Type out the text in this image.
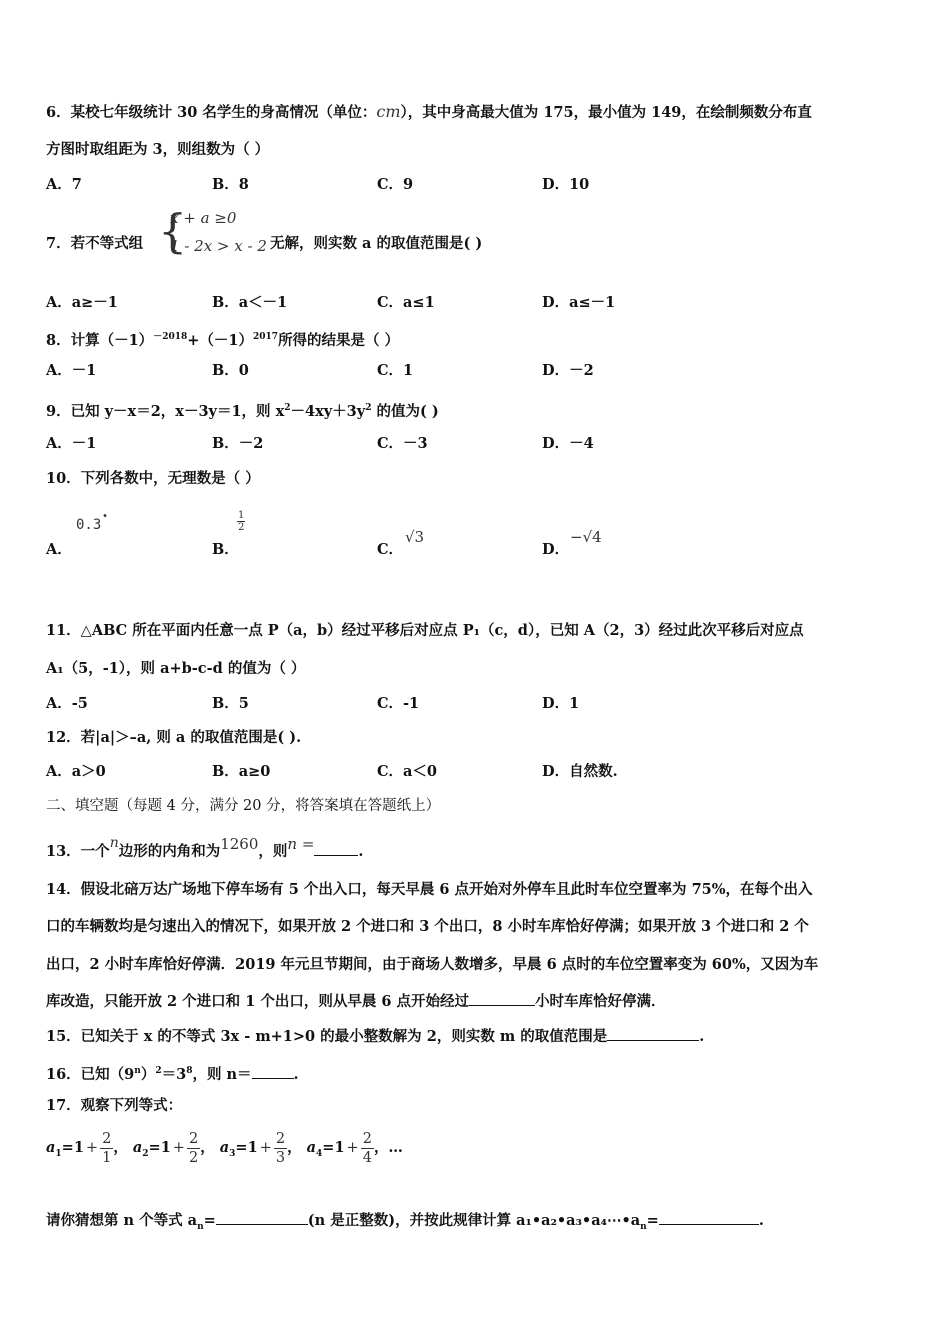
6．某校七年级统计 30 名学生的身高情况（单位：cm），其中身高最大值为 175，最小值为 149，在绘制频数分布直
方图时取组距为 3，则组数为（ ）
A．7	B．8	C．9	D．10
7．若不等式组 {
x + a ≥0
1 - 2x > x - 2 无解，则实数 a 的取值范围是( )
A．a≥－1	B．a＜－1	C．a≤1	D．a≤－1
8．计算$(-1)^{-2018}+(-1)^{2017}$所得的结果是（ ）
A．－1	B．0	C．1	D．－2
9．已知 y－x＝2，x－3y＝1，则 $x^2-4xy+3y^2$ 的值为( )
A．－1	B．－2	C．－3	D．－4
10．下列各数中，无理数是（ ）
A．
0.3
•
B．
$\frac{1}{2}$
C．
√3
D．
−√4
11．△ABC 所在平面内任意一点 P（a，b）经过平移后对应点 P₁（c，d），已知 A（2，3）经过此次平移后对应点
A₁（5，-1），则 a+b-c-d 的值为（ ）
A．-5	B．5	C．-1	D．1
12．若|a|＞–a, 则 a 的取值范围是( ).
A．a＞0	B．a≥0	C．a＜0	D．自然数.
二、填空题（每题 4 分，满分 20 分，将答案填在答题纸上）
13．一个n边形的内角和为1260，则n =	.
14．假设北碚万达广场地下停车场有 5 个出入口，每天早晨 6 点开始对外停车且此时车位空置率为 75%，在每个出入
口的车辆数均是匀速出入的情况下，如果开放 2 个进口和 3 个出口，8 小时车库恰好停满；如果开放 3 个进口和 2 个
出口，2 小时车库恰好停满．2019 年元旦节期间，由于商场人数增多，早晨 6 点时的车位空置率变为 60%，又因为车
库改造，只能开放 2 个进口和 1 个出口，则从早晨 6 点开始经过	小时车库恰好停满．
15．已知关于 x 的不等式 3x - m+1>0 的最小整数解为 2，则实数 m 的取值范围是	.
16．已知$(9^n)^2=3^8$，则 n＝	.
17．观察下列等式：
$a_1=1 + \frac{2}{1}$ ， $a_2=1 + \frac{2}{2}$ ， $a_3=1 + \frac{2}{3}$ ， $a_4=1 + \frac{2}{4}$ ，…
请你猜想第 n 个等式 $a_n=$	(n 是正整数)，并按此规律计算 $a_1•a_2•a_3•a_4\cdots•a_n=$	.
